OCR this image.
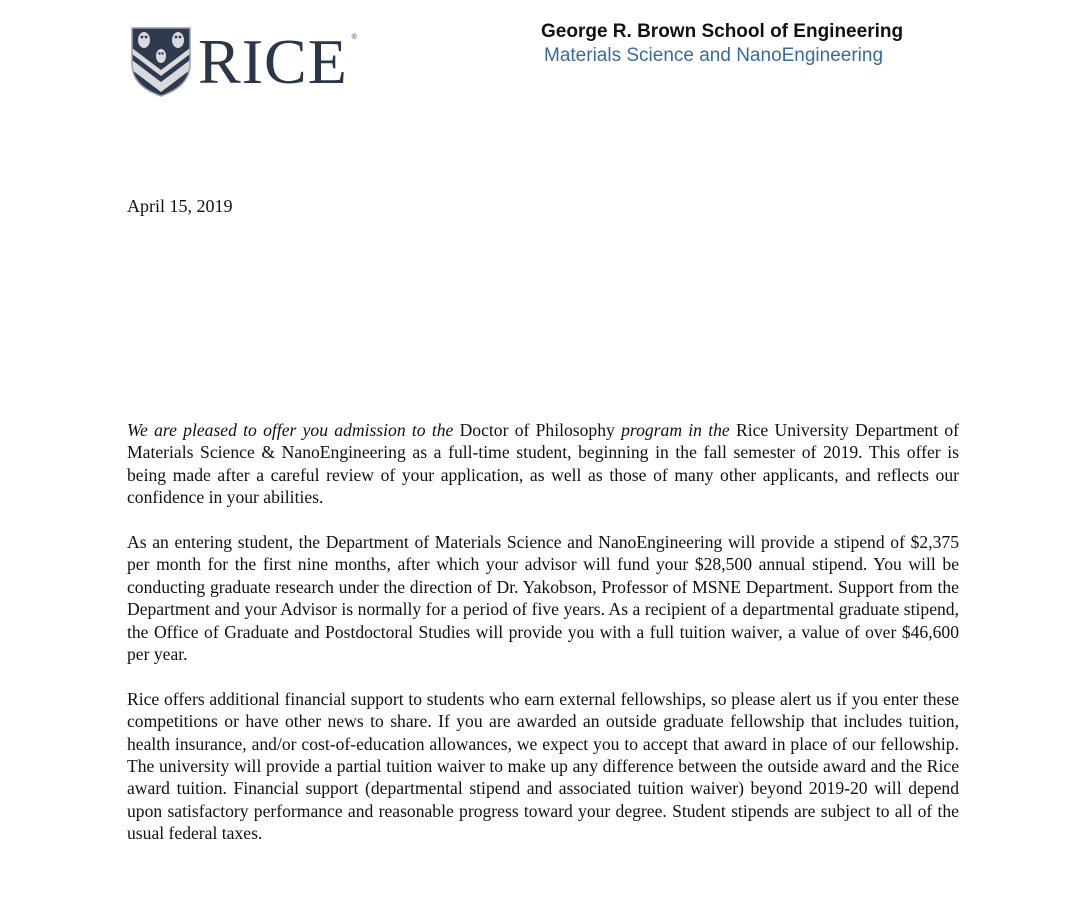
RICE ®	George R. Brown School of Engineering
Materials Science and NanoEngineering
April 15, 2019

We are pleased to offer you admission to the Doctor of Philosophy program in the Rice University Department of Materials Science & NanoEngineering as a full-time student, beginning in the fall semester of 2019. This offer is being made after a careful review of your application, as well as those of many other applicants, and reflects our confidence in your abilities.

As an entering student, the Department of Materials Science and NanoEngineering will provide a stipend of $2,375 per month for the first nine months, after which your advisor will fund your $28,500 annual stipend. You will be conducting graduate research under the direction of Dr. Yakobson, Professor of MSNE Department. Support from the Department and your Advisor is normally for a period of five years. As a recipient of a departmental graduate stipend, the Office of Graduate and Postdoctoral Studies will provide you with a full tuition waiver, a value of over $46,600 per year.

Rice offers additional financial support to students who earn external fellowships, so please alert us if you enter these competitions or have other news to share. If you are awarded an outside graduate fellowship that includes tuition, health insurance, and/or cost-of-education allowances, we expect you to accept that award in place of our fellowship. The university will provide a partial tuition waiver to make up any difference between the outside award and the Rice award tuition. Financial support (departmental stipend and associated tuition waiver) beyond 2019-20 will depend upon satisfactory performance and reasonable progress toward your degree. Student stipends are subject to all of the usual federal taxes.
